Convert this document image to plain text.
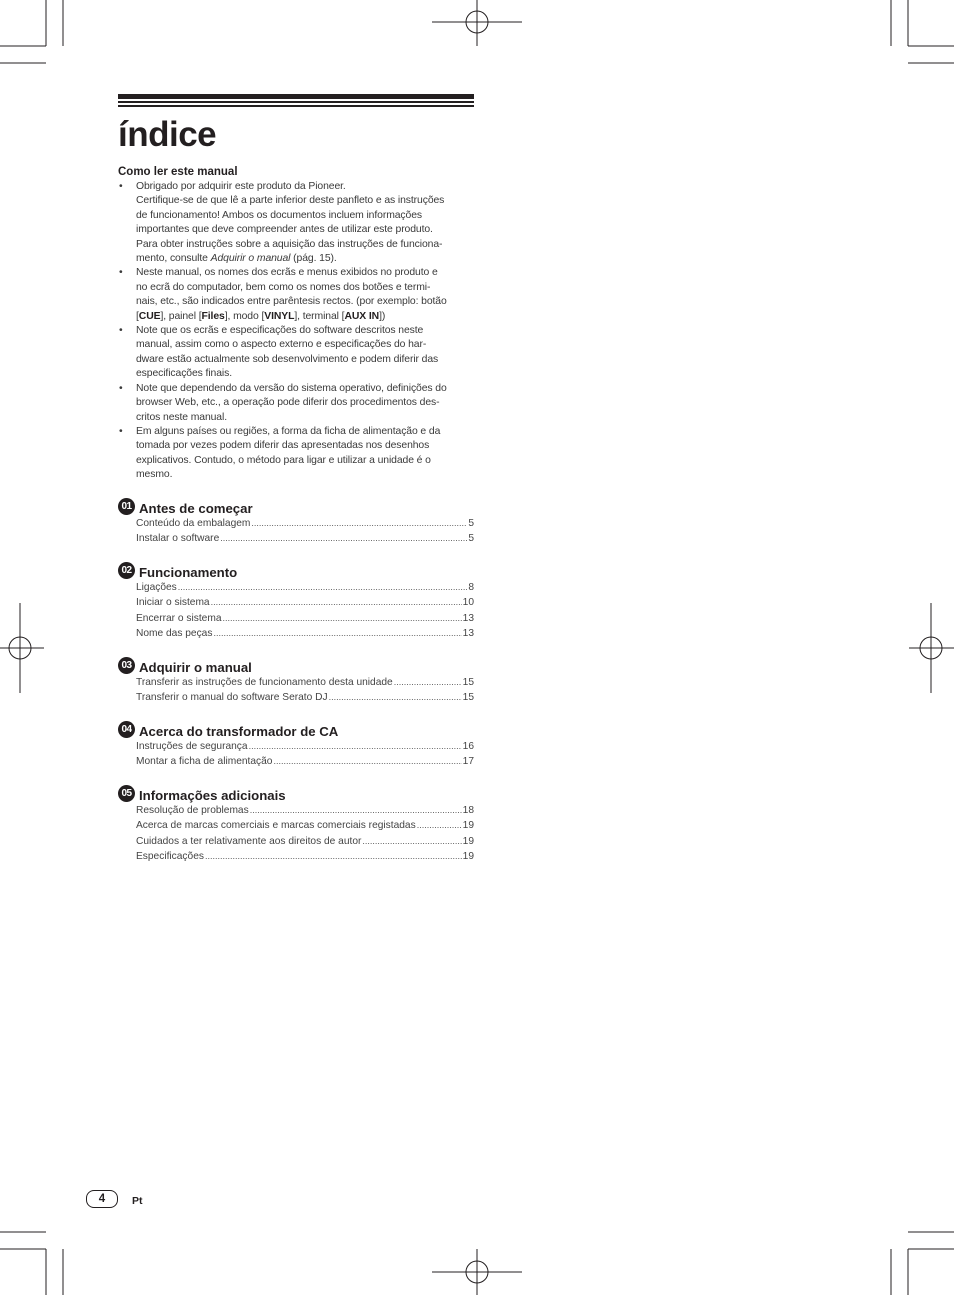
índice
Como ler este manual
• Obrigado por adquirir este produto da Pioneer.
Certifique-se de que lê a parte inferior deste panfleto e as instruções
de funcionamento! Ambos os documentos incluem informações
importantes que deve compreender antes de utilizar este produto.
Para obter instruções sobre a aquisição das instruções de funciona-
mento, consulte Adquirir o manual (pág. 15).
• Neste manual, os nomes dos ecrãs e menus exibidos no produto e
no ecrã do computador, bem como os nomes dos botões e termi-
nais, etc., são indicados entre parêntesis rectos. (por exemplo: botão
[CUE], painel [Files], modo [VINYL], terminal [AUX IN])
• Note que os ecrãs e especificações do software descritos neste
manual, assim como o aspecto externo e especificações do har-
dware estão actualmente sob desenvolvimento e podem diferir das
especificações finais.
• Note que dependendo da versão do sistema operativo, definições do
browser Web, etc., a operação pode diferir dos procedimentos des-
critos neste manual.
• Em alguns países ou regiões, a forma da ficha de alimentação e da
tomada por vezes podem diferir das apresentadas nos desenhos
explicativos. Contudo, o método para ligar e utilizar a unidade é o
mesmo.
01 Antes de começar
Conteúdo da embalagem .....	5
Instalar o software .....	5
02 Funcionamento
Ligações .....	8
Iniciar o sistema .....	10
Encerrar o sistema .....	13
Nome das peças .....	13
03 Adquirir o manual
Transferir as instruções de funcionamento desta unidade .....	15
Transferir o manual do software Serato DJ .....	15
04 Acerca do transformador de CA
Instruções de segurança .....	16
Montar a ficha de alimentação .....	17
05 Informações adicionais
Resolução de problemas .....	18
Acerca de marcas comerciais e marcas comerciais registadas .....	19
Cuidados a ter relativamente aos direitos de autor .....	19
Especificações .....	19
4	Pt
